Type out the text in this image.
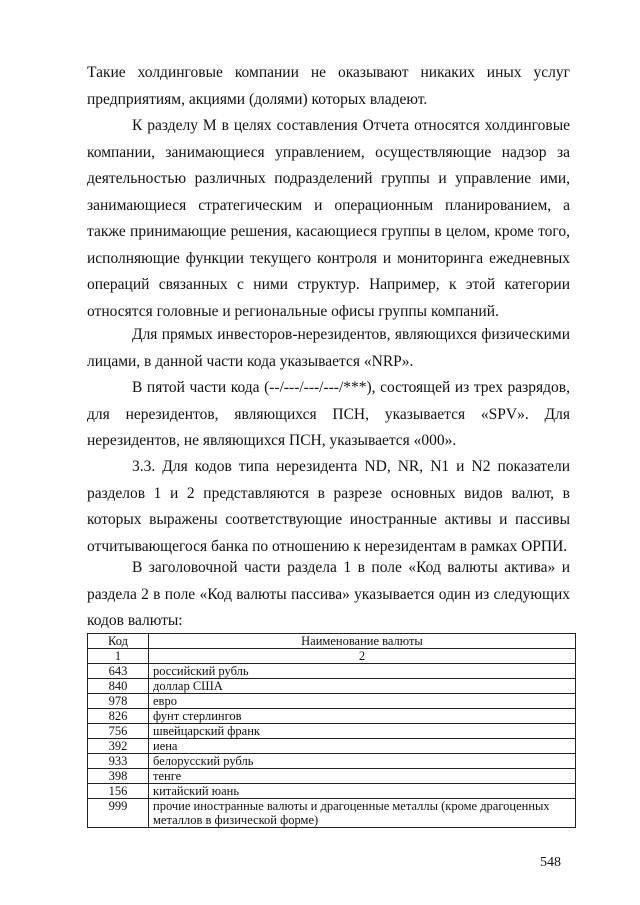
Такие холдинговые компании не оказывают никаких иных услуг предприятиям, акциями (долями) которых владеют.

К разделу M в целях составления Отчета относятся холдинговые компании, занимающиеся управлением, осуществляющие надзор за деятельностью различных подразделений группы и управление ими, занимающиеся стратегическим и операционным планированием, а также принимающие решения, касающиеся группы в целом, кроме того, исполняющие функции текущего контроля и мониторинга ежедневных операций связанных с ними структур. Например, к этой категории относятся головные и региональные офисы группы компаний.

Для прямых инвесторов-нерезидентов, являющихся физическими лицами, в данной части кода указывается «NRP».

В пятой части кода (--/---/---/---/***), состоящей из трех разрядов, для нерезидентов, являющихся ПСН, указывается «SPV». Для нерезидентов, не являющихся ПСН, указывается «000».

3.3. Для кодов типа нерезидента ND, NR, N1 и N2 показатели разделов 1 и 2 представляются в разрезе основных видов валют, в которых выражены соответствующие иностранные активы и пассивы отчитывающегося банка по отношению к нерезидентам в рамках ОРПИ.

В заголовочной части раздела 1 в поле «Код валюты актива» и раздела 2 в поле «Код валюты пассива» указывается один из следующих кодов валюты:

Код	Наименование валюты
1	2
643	российский рубль
840	доллар США
978	евро
826	фунт стерлингов
756	швейцарский франк
392	иена
933	белорусский рубль
398	тенге
156	китайский юань
999	прочие иностранные валюты и драгоценные металлы (кроме драгоценных металлов в физической форме)
548
